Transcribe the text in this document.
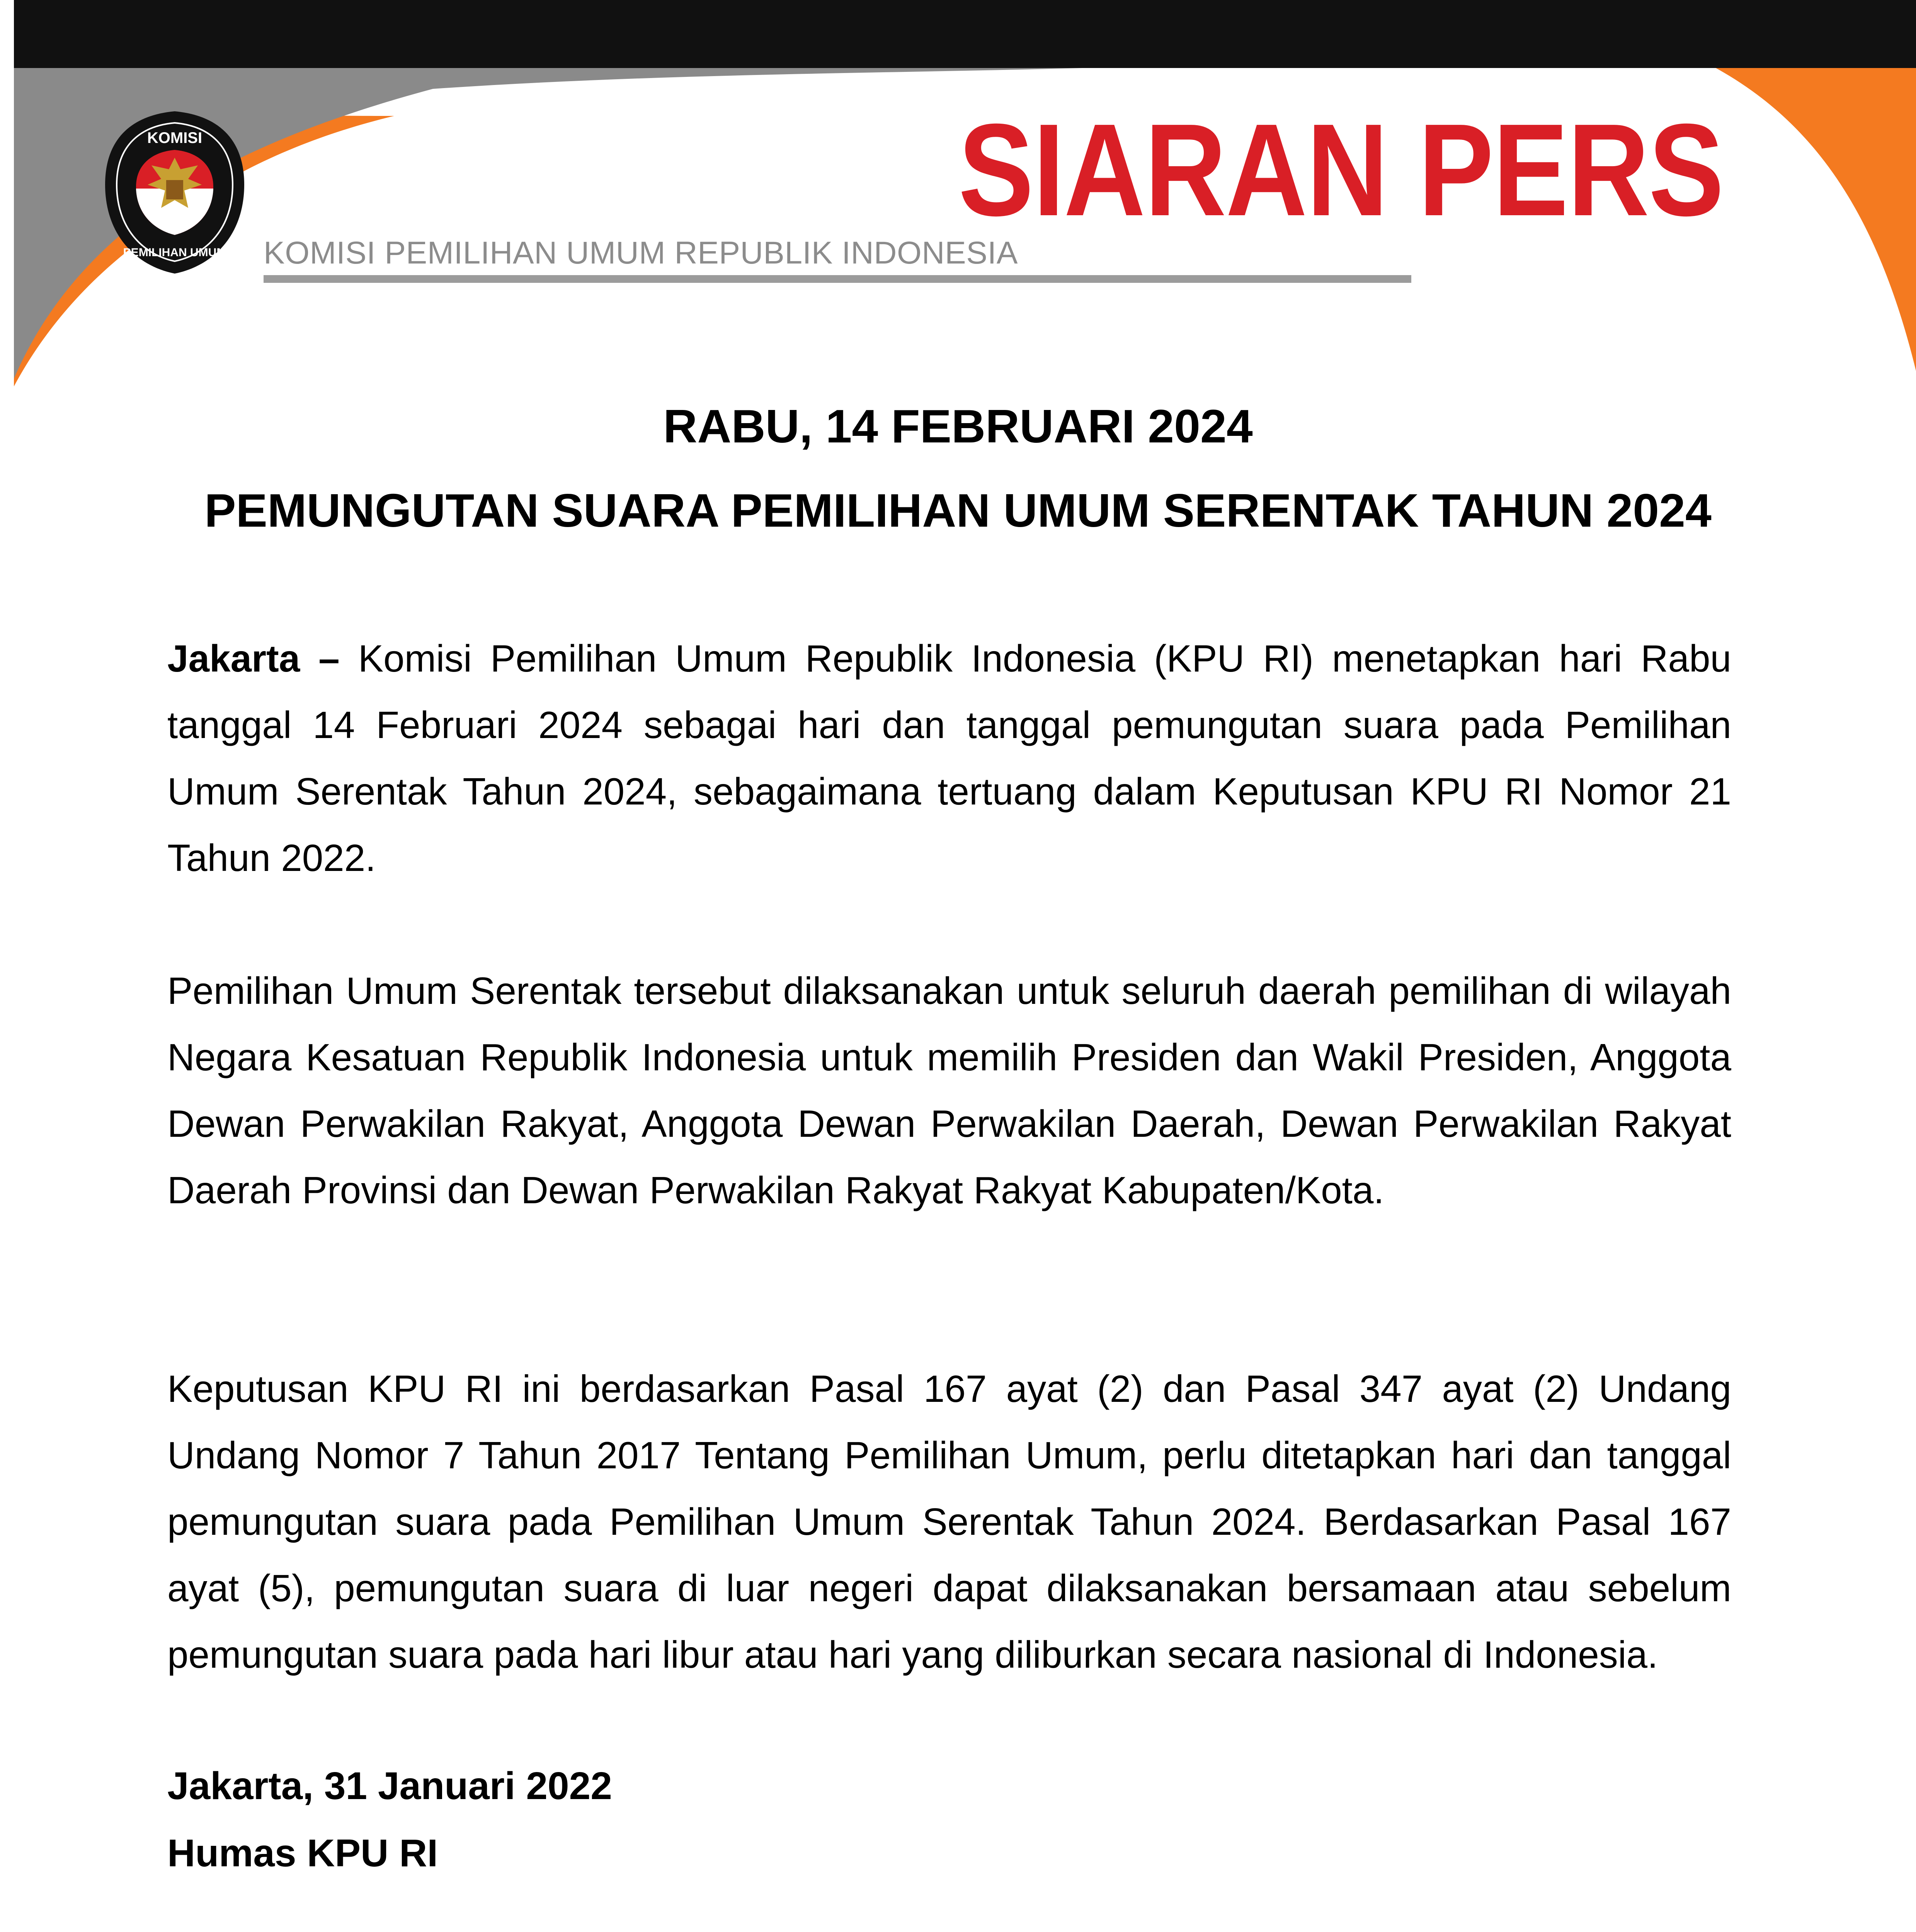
KOMISI
PEMILIHAN UMUM KOMISI PEMILIHAN UMUM REPUBLIK INDONESIA
SIARAN PERS
RABU, 14 FEBRUARI 2024
PEMUNGUTAN SUARA PEMILIHAN UMUM SERENTAK TAHUN 2024

Jakarta – Komisi Pemilihan Umum Republik Indonesia (KPU RI) menetapkan hari Rabu tanggal 14 Februari 2024 sebagai hari dan tanggal pemungutan suara pada Pemilihan Umum Serentak Tahun 2024, sebagaimana tertuang dalam Keputusan KPU RI Nomor 21 Tahun 2022.

Pemilihan Umum Serentak tersebut dilaksanakan untuk seluruh daerah pemilihan di wilayah Negara Kesatuan Republik Indonesia untuk memilih Presiden dan Wakil Presiden, Anggota Dewan Perwakilan Rakyat, Anggota Dewan Perwakilan Daerah, Dewan Perwakilan Rakyat Daerah Provinsi dan Dewan Perwakilan Rakyat Rakyat Kabupaten/Kota.

Keputusan KPU RI ini berdasarkan Pasal 167 ayat (2) dan Pasal 347 ayat (2) Undang Undang Nomor 7 Tahun 2017 Tentang Pemilihan Umum, perlu ditetapkan hari dan tanggal pemungutan suara pada Pemilihan Umum Serentak Tahun 2024. Berdasarkan Pasal 167 ayat (5), pemungutan suara di luar negeri dapat dilaksanakan bersamaan atau sebelum pemungutan suara pada hari libur atau hari yang diliburkan secara nasional di Indonesia.

Jakarta, 31 Januari 2022
Humas KPU RI
